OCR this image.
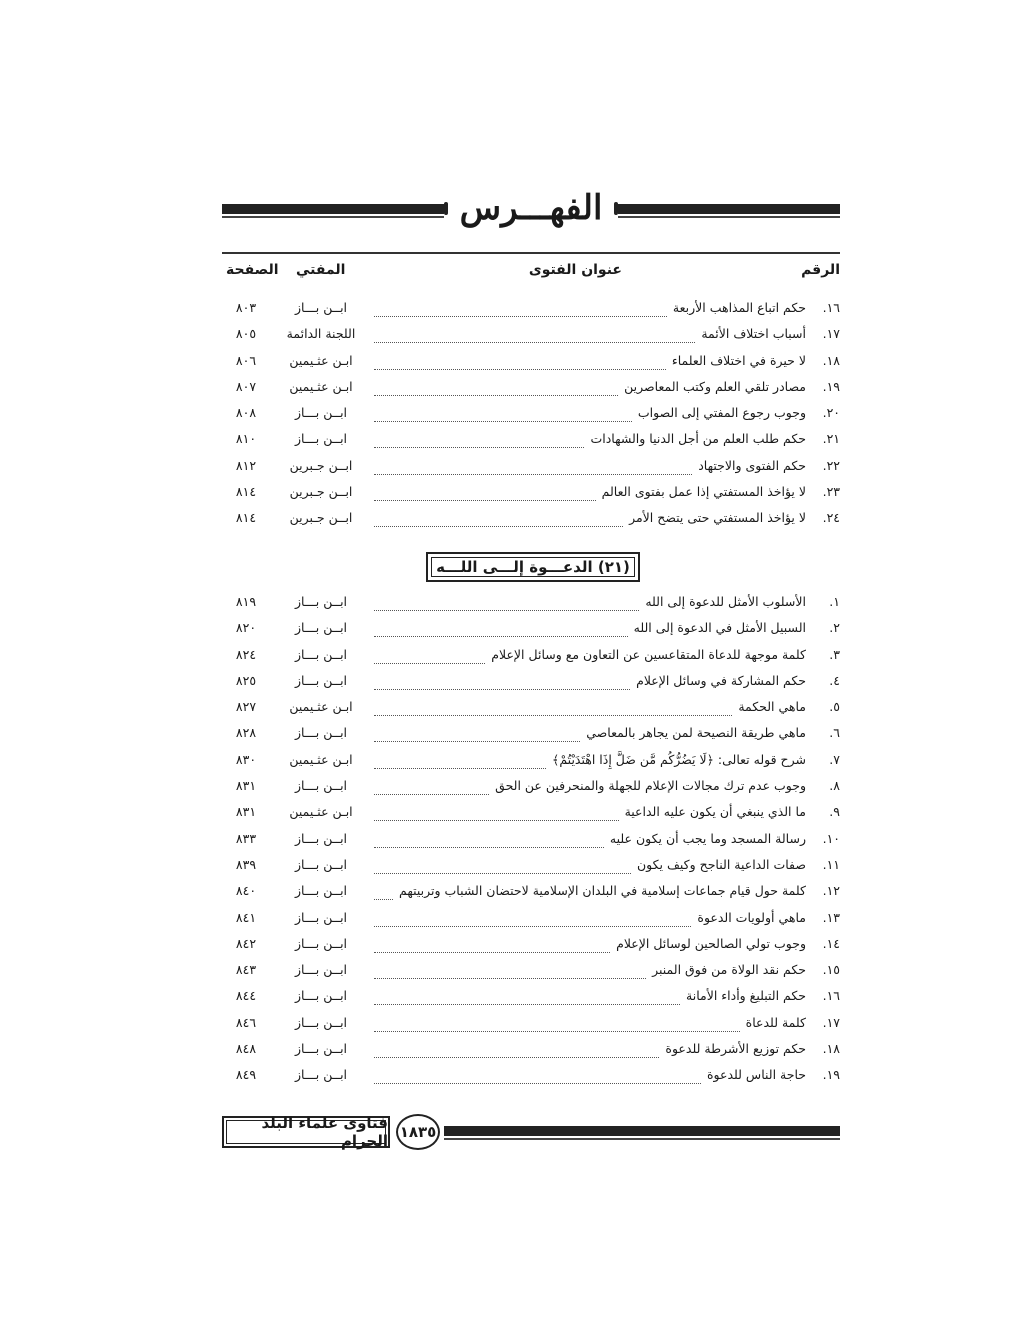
الفهـــرس
الرقم
عنوان الفتوى
المفتي
الصفحة
١٦.
حكم اتباع المذاهب الأربعة
ابــن بـــاز
٨٠٣
١٧.
أسباب اختلاف الأئمة
اللجنة الدائمة
٨٠٥
١٨.
لا حيرة في اختلاف العلماء
ابـن عثـيمين
٨٠٦
١٩.
مصادر تلقي العلم وكتب المعاصرين
ابـن عثـيمين
٨٠٧
٢٠.
وجوب رجوع المفتي إلى الصواب
ابــن بـــاز
٨٠٨
٢١.
حكم طلب العلم من أجل الدنيا والشهادات
ابــن بـــاز
٨١٠
٢٢.
حكم الفتوى والاجتهاد
ابــن جـبرين
٨١٢
٢٣.
لا يؤاخذ المستفتي إذا عمل بفتوى العالم
ابــن جـبرين
٨١٤
٢٤.
لا يؤاخذ المستفتي حتى يتضح الأمر
ابــن جـبرين
٨١٤
(٢١) الدعـــوة إلـــى اللـــه
١.
الأسلوب الأمثل للدعوة إلى الله
ابــن بـــاز
٨١٩
٢.
السبيل الأمثل في الدعوة إلى الله
ابــن بـــاز
٨٢٠
٣.
كلمة موجهة للدعاة المتقاعسين عن التعاون مع وسائل الإعلام
ابــن بـــاز
٨٢٤
٤.
حكم المشاركة في وسائل الإعلام
ابــن بـــاز
٨٢٥
٥.
ماهي الحكمة
ابـن عثـيمين
٨٢٧
٦.
ماهي طريقة النصيحة لمن يجاهر بالمعاصي
ابــن بـــاز
٨٢٨
٧.
شرح قوله تعالى: ﴿لَا يَضُرُّكُم مَّن ضَلَّ إِذَا اهْتَدَيْتُمْ﴾
ابـن عثـيمين
٨٣٠
٨.
وجوب عدم ترك مجالات الإعلام للجهلة والمنحرفين عن الحق
ابــن بـــاز
٨٣١
٩.
ما الذي ينبغي أن يكون عليه الداعية
ابـن عثـيمين
٨٣١
١٠.
رسالة المسجد وما يجب أن يكون عليه
ابــن بـــاز
٨٣٣
١١.
صفات الداعية الناجح وكيف يكون
ابــن بـــاز
٨٣٩
١٢.
كلمة حول قيام جماعات إسلامية في البلدان الإسلامية لاحتضان الشباب وتربيتهم
ابــن بـــاز
٨٤٠
١٣.
ماهي أولويات الدعوة
ابــن بـــاز
٨٤١
١٤.
وجوب تولي الصالحين لوسائل الإعلام
ابــن بـــاز
٨٤٢
١٥.
حكم نقد الولاة من فوق المنبر
ابــن بـــاز
٨٤٣
١٦.
حكم التبليغ وأداء الأمانة
ابــن بـــاز
٨٤٤
١٧.
كلمة للدعاة
ابــن بـــاز
٨٤٦
١٨.
حكم توزيع الأشرطة للدعوة
ابــن بـــاز
٨٤٨
١٩.
حاجة الناس للدعوة
ابــن بـــاز
٨٤٩
فتاوى علماء البلد الحرام ١٨٣٥
